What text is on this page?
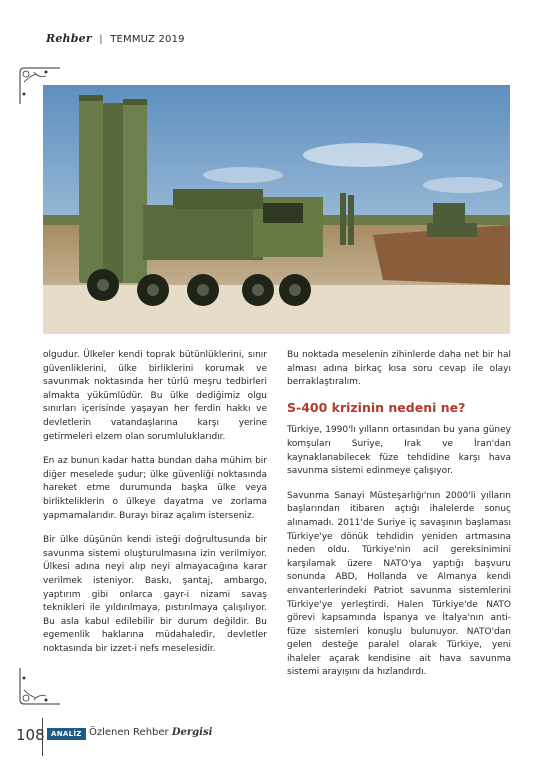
Rehber | TEMMUZ 2019

olgudur. Ülkeler kendi toprak bütünlüklerini, sınır güvenliklerini, ülke birliklerini korumak ve savunmak noktasında her türlü meşru tedbirleri almakta yükümlüdür. Bu ülke dediğimiz olgu sınırları içerisinde yaşayan her ferdin hakkı ve devletlerin vatandaşlarına karşı yerine getirmeleri elzem olan sorumluluklarıdır.

En az bunun kadar hatta bundan daha mühim bir diğer meselede şudur; ülke güvenliği noktasında hareket etme durumunda başka ülke veya birlikteliklerin o ülkeye dayatma ve zorlama yapmamalarıdır. Burayı biraz açalım isterseniz.

Bir ülke düşünün kendi isteği doğrultusunda bir savunma sistemi oluşturulmasına izin verilmiyor. Ülkesi adına neyi alıp neyi almayacağına karar verilmek isteniyor. Baskı, şantaj, ambargo, yaptırım gibi onlarca gayr-i nizami savaş teknikleri ile yıldırılmaya, pıstırılmaya çalışılıyor. Bu asla kabul edilebilir bir durum değildir. Bu egemenlik haklarına müdahaledir, devletler noktasında bir izzet-i nefs meselesidir.

Bu noktada meselenin zihinlerde daha net bir hal alması adına birkaç kısa soru cevap ile olayı berraklaştıralım.

S-400 krizinin nedeni ne?

Türkiye, 1990'lı yılların ortasından bu yana güney komşuları Suriye, Irak ve İran'dan kaynaklanabilecek füze tehdidine karşı hava savunma sistemi edinmeye çalışıyor.

Savunma Sanayi Müsteşarlığı'nın 2000'li yılların başlarından itibaren açtığı ihalelerde sonuç alınamadı. 2011'de Suriye iç savaşının başlaması Türkiye'ye dönük tehdidin yeniden artmasına neden oldu. Türkiye'nin acil gereksinimini karşılamak üzere NATO'ya yaptığı başvuru sonunda ABD, Hollanda ve Almanya kendi envanterlerindeki Patriot savunma sistemlerini Türkiye'ye yerleştirdi. Halen Türkiye'de NATO görevi kapsamında İspanya ve İtalya'nın anti-füze sistemleri konuşlu bulunuyor. NATO'dan gelen desteğe paralel olarak Türkiye, yeni ihaleler açarak kendisine ait hava savunma sistemi arayışını da hızlandırdı.

108 ANALİZ Özlenen Rehber Dergisi
